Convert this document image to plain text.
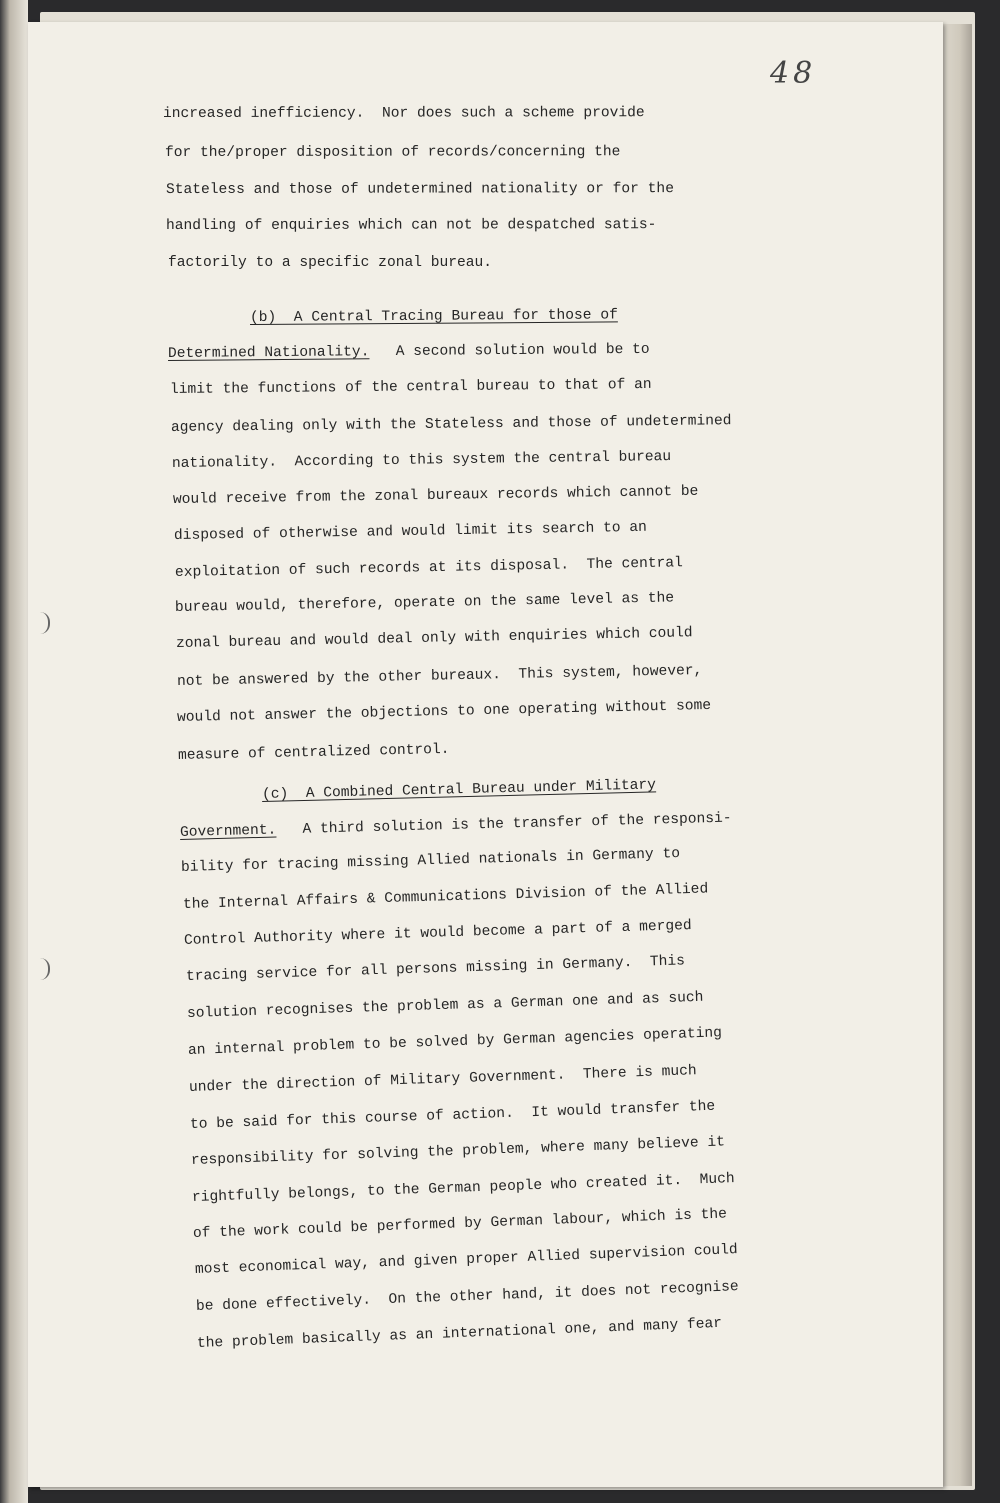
48
increased inefficiency.  Nor does such a scheme provide
for the/proper disposition of records/concerning the
Stateless and those of undetermined nationality or for the
handling of enquiries which can not be despatched satis-
factorily to a specific zonal bureau.
(b)  A Central Tracing Bureau for those of
Determined Nationality.   A second solution would be to
limit the functions of the central bureau to that of an
agency dealing only with the Stateless and those of undetermined
nationality.  According to this system the central bureau
would receive from the zonal bureaux records which cannot be
disposed of otherwise and would limit its search to an
exploitation of such records at its disposal.  The central
bureau would, therefore, operate on the same level as the
zonal bureau and would deal only with enquiries which could
not be answered by the other bureaux.  This system, however,
would not answer the objections to one operating without some
measure of centralized control.
(c)  A Combined Central Bureau under Military
Government.   A third solution is the transfer of the responsi-
bility for tracing missing Allied nationals in Germany to
the Internal Affairs & Communications Division of the Allied
Control Authority where it would become a part of a merged
tracing service for all persons missing in Germany.  This
solution recognises the problem as a German one and as such
an internal problem to be solved by German agencies operating
under the direction of Military Government.  There is much
to be said for this course of action.  It would transfer the
responsibility for solving the problem, where many believe it
rightfully belongs, to the German people who created it.  Much
of the work could be performed by German labour, which is the
most economical way, and given proper Allied supervision could
be done effectively.  On the other hand, it does not recognise
the problem basically as an international one, and many fear
